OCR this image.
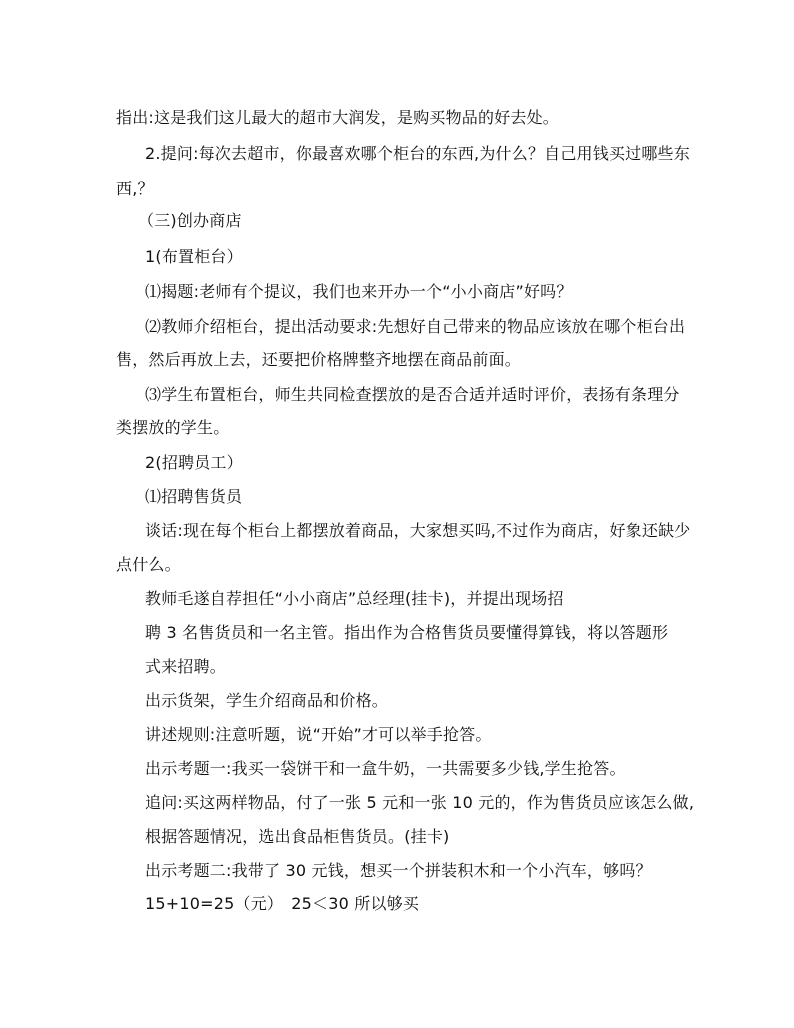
指出:这是我们这儿最大的超市大润发，是购买物品的好去处。
2.提问:每次去超市，你最喜欢哪个柜台的东西,为什么？自己用钱买过哪些东
西,？
（三)创办商店
1(布置柜台）
⑴揭题:老师有个提议，我们也来开办一个“小小商店”好吗？
⑵教师介绍柜台，提出活动要求:先想好自己带来的物品应该放在哪个柜台出
售，然后再放上去，还要把价格牌整齐地摆在商品前面。
⑶学生布置柜台，师生共同检查摆放的是否合适并适时评价，表扬有条理分
类摆放的学生。
2(招聘员工）
⑴招聘售货员
谈话:现在每个柜台上都摆放着商品，大家想买吗,不过作为商店，好象还缺少
点什么。
教师毛遂自荐担任“小小商店”总经理(挂卡)，并提出现场招
聘 3 名售货员和一名主管。指出作为合格售货员要懂得算钱，将以答题形
式来招聘。
出示货架，学生介绍商品和价格。
讲述规则:注意听题，说“开始”才可以举手抢答。
出示考题一:我买一袋饼干和一盒牛奶，一共需要多少钱,学生抢答。
追问:买这两样物品，付了一张 5 元和一张 10 元的，作为售货员应该怎么做,
根据答题情况，选出食品柜售货员。(挂卡)
出示考题二:我带了 30 元钱，想买一个拼装积木和一个小汽车，够吗？
15+10=25（元）　25＜30 所以够买
